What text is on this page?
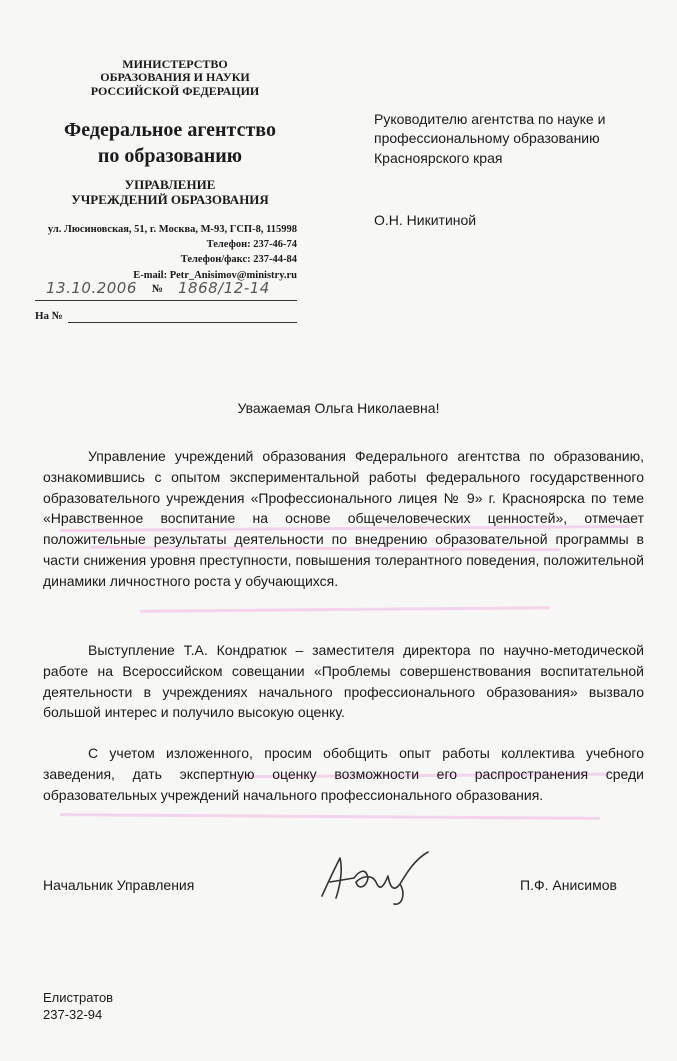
МИНИСТЕРСТВО
ОБРАЗОВАНИЯ И НАУКИ
РОССИЙСКОЙ ФЕДЕРАЦИИ
Федеральное агентство
по образованию
УПРАВЛЕНИЕ
УЧРЕЖДЕНИЙ ОБРАЗОВАНИЯ
ул. Люсиновская, 51, г. Москва, М-93, ГСП-8, 115998
Телефон: 237-46-74
Телефон/факс: 237-44-84
E-mail: Petr_Anisimov@ministry.ru
13.10.2006 № 1868/12-14
На №
Руководителю агентства по науке и профессиональному образованию Красноярского края
О.Н. Никитиной
Уважаемая Ольга Николаевна!
Управление учреждений образования Федерального агентства по образованию, ознакомившись с опытом экспериментальной работы федерального государственного образовательного учреждения «Профессионального лицея № 9» г. Красноярска по теме «Нравственное воспитание на основе общечеловеческих ценностей», отмечает положительные результаты деятельности по внедрению образовательной программы в части снижения уровня преступности, повышения толерантного поведения, положительной динамики личностного роста у обучающихся.
Выступление Т.А. Кондратюк – заместителя директора по научно-методической работе на Всероссийском совещании «Проблемы совершенствования воспитательной деятельности в учреждениях начального профессионального образования» вызвало большой интерес и получило высокую оценку.
С учетом изложенного, просим обобщить опыт работы коллектива учебного заведения, дать экспертную оценку возможности его распространения среди образовательных учреждений начального профессионального образования.
Начальник Управления	П.Ф. Анисимов
Елистратов
237-32-94
